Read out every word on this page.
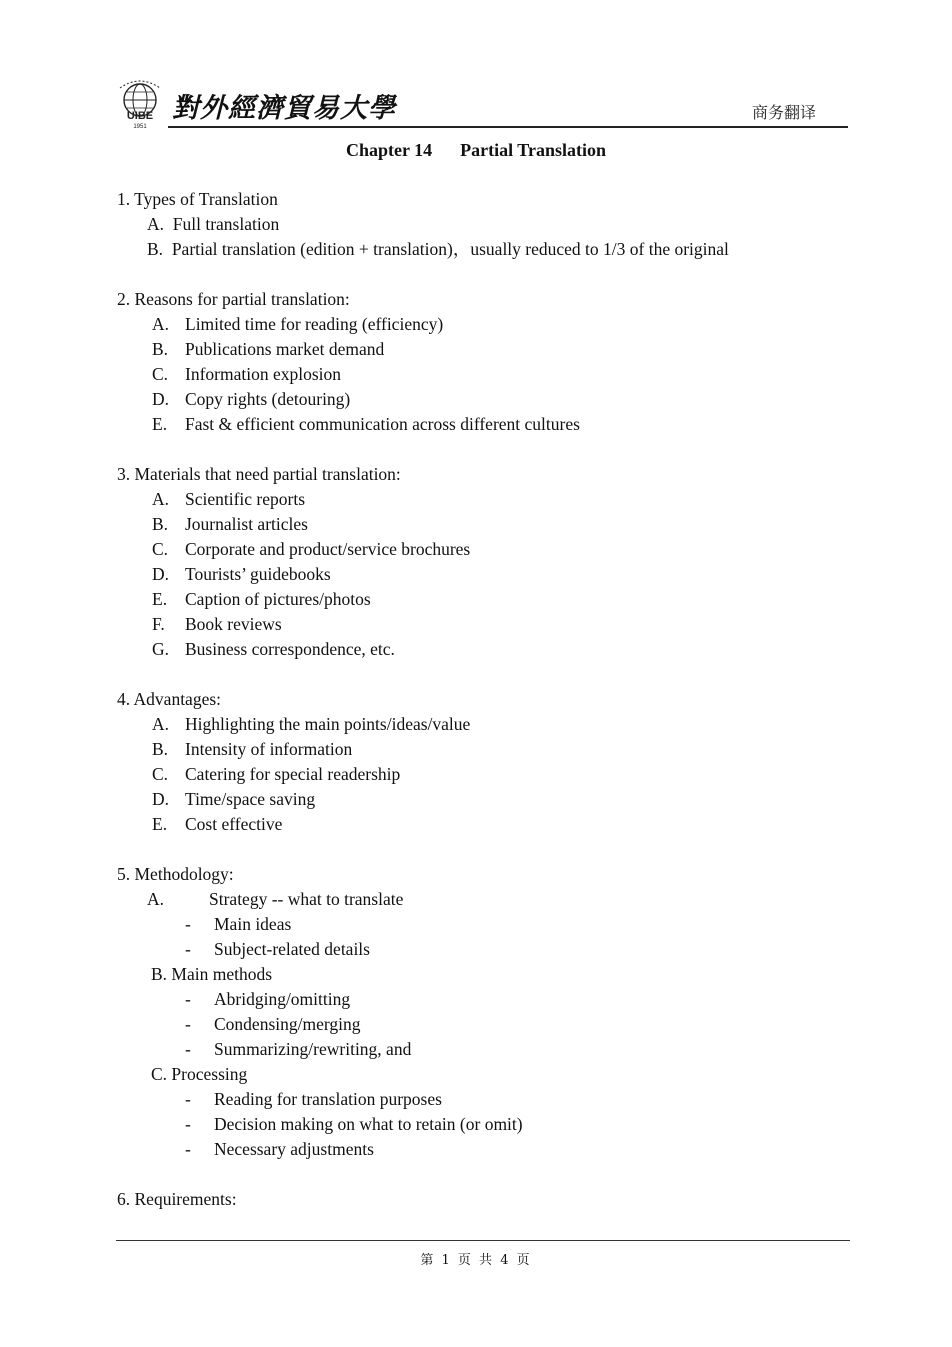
UIBE
1951
對外經濟貿易大學	商务翻译
Chapter 14 Partial Translation
1. Types of Translation
A. Full translation
B. Partial translation (edition + translation)，usually reduced to 1/3 of the original
2. Reasons for partial translation:
A. Limited time for reading (efficiency)
B. Publications market demand
C. Information explosion
D. Copy rights (detouring)
E. Fast & efficient communication across different cultures
3. Materials that need partial translation:
A. Scientific reports
B. Journalist articles
C. Corporate and product/service brochures
D. Tourists’ guidebooks
E. Caption of pictures/photos
F. Book reviews
G. Business correspondence, etc.
4. Advantages:
A. Highlighting the main points/ideas/value
B. Intensity of information
C. Catering for special readership
D. Time/space saving
E. Cost effective
5. Methodology:
A.	Strategy -- what to translate
- Main ideas
- Subject-related details
B. Main methods
- Abridging/omitting
- Condensing/merging
- Summarizing/rewriting, and
C. Processing
- Reading for translation purposes
- Decision making on what to retain (or omit)
- Necessary adjustments
6. Requirements:
第 1 页 共 4 页
